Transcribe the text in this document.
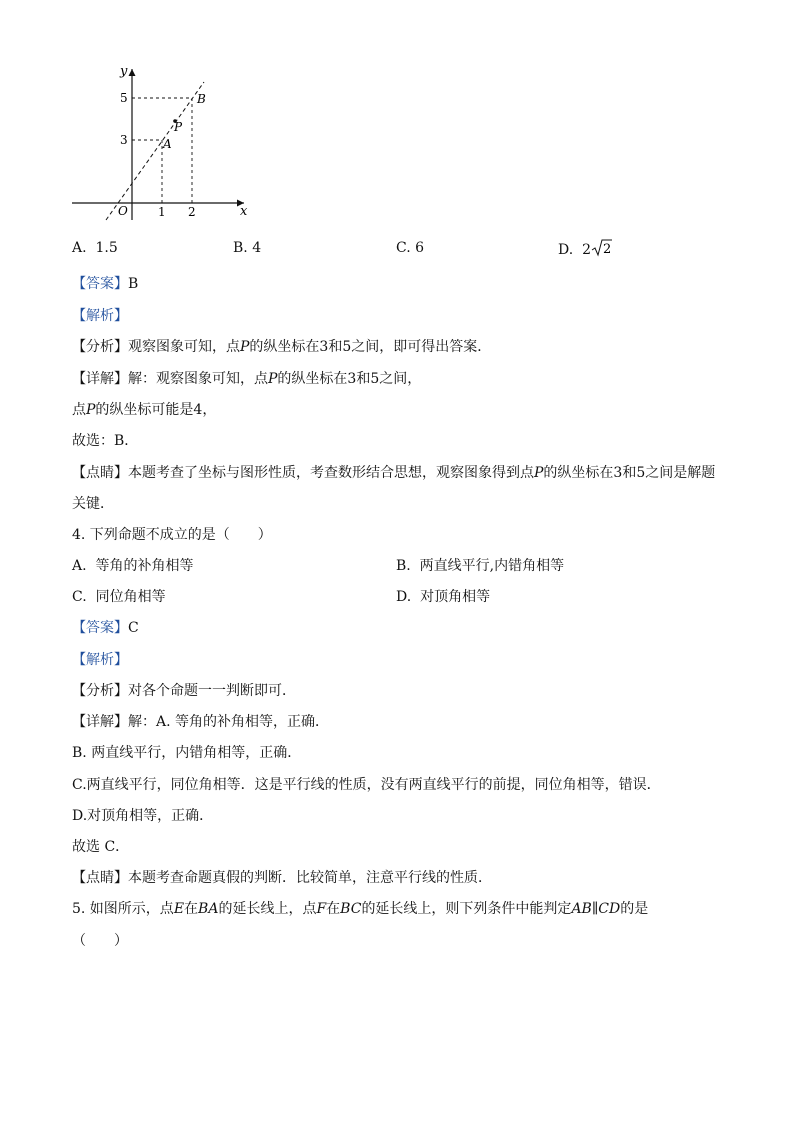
y
x
O
5
3
1 2
A
B
P
A. 1.5	B. 4	C. 6	D. 2 2
【答案】B
【解析】
【分析】观察图象可知，点P的纵坐标在3和5之间，即可得出答案．
【详解】解：观察图象可知，点P的纵坐标在3和5之间，
点P的纵坐标可能是4，
故选：B．
【点睛】本题考查了坐标与图形性质，考查数形结合思想，观察图象得到点P的纵坐标在3和5之间是解题
关键．
4. 下列命题不成立的是（　　）
A. 等角的补角相等	B. 两直线平行,内错角相等
C. 同位角相等	D. 对顶角相等
【答案】C
【解析】
【分析】对各个命题一一判断即可．
【详解】解：A. 等角的补角相等，正确．
B. 两直线平行，内错角相等，正确．
C.两直线平行，同位角相等．这是平行线的性质，没有两直线平行的前提，同位角相等，错误．
D.对顶角相等，正确．
故选 C．
【点睛】本题考查命题真假的判断．比较简单，注意平行线的性质．
5. 如图所示，点E在BA的延长线上，点F在BC的延长线上，则下列条件中能判定AB∥CD的是
（　　）
